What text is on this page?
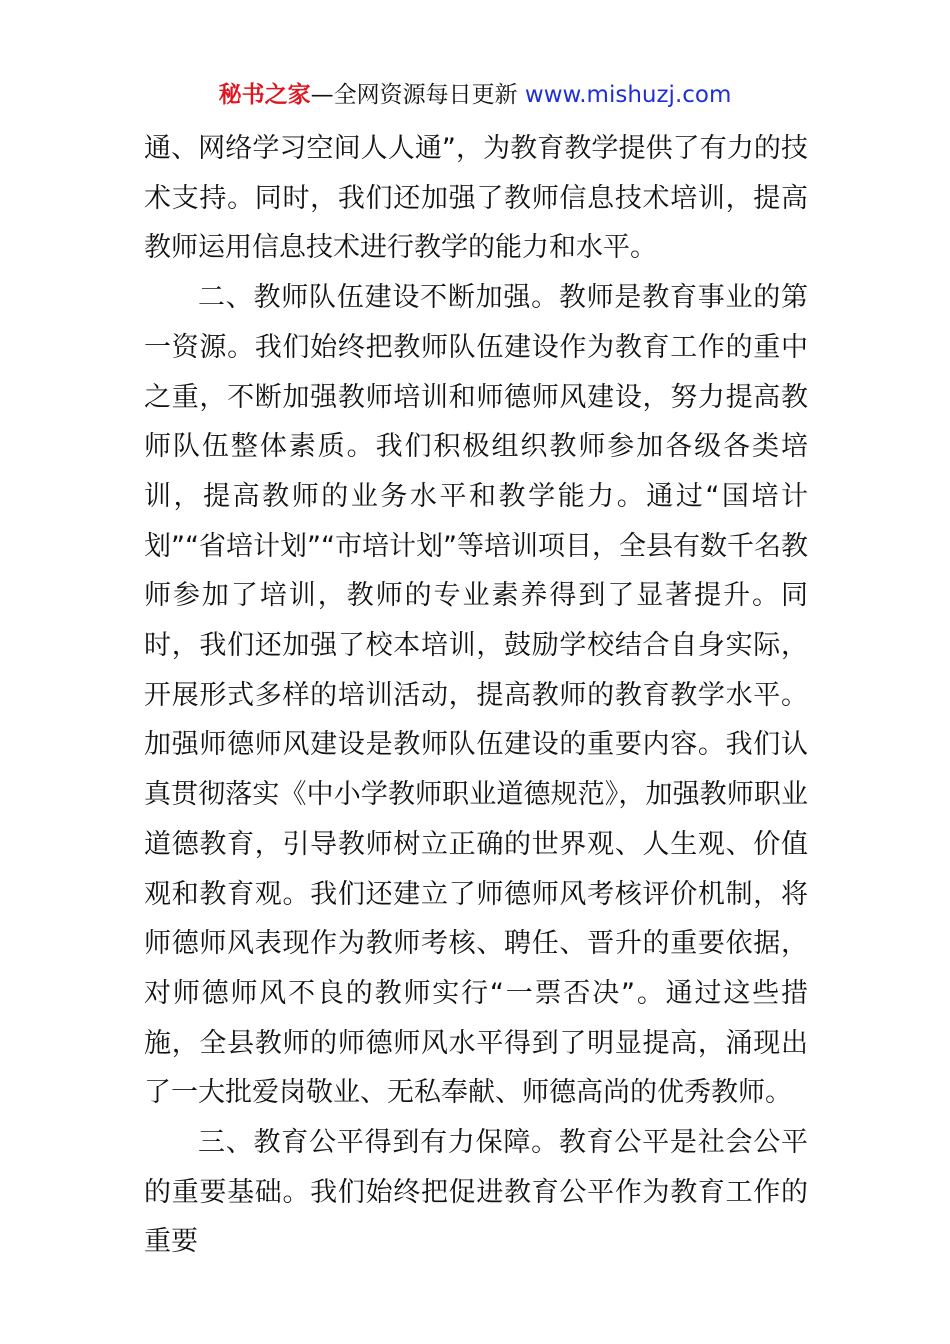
秘书之家—全网资源每日更新 www.mishuzj.com

通、网络学习空间人人通”，为教育教学提供了有力的技术支持。同时，我们还加强了教师信息技术培训，提高教师运用信息技术进行教学的能力和水平。

二、教师队伍建设不断加强。教师是教育事业的第一资源。我们始终把教师队伍建设作为教育工作的重中之重，不断加强教师培训和师德师风建设，努力提高教师队伍整体素质。我们积极组织教师参加各级各类培训，提高教师的业务水平和教学能力。通过“国培计划”“省培计划”“市培计划”等培训项目，全县有数千名教师参加了培训，教师的专业素养得到了显著提升。同时，我们还加强了校本培训，鼓励学校结合自身实际，开展形式多样的培训活动，提高教师的教育教学水平。加强师德师风建设是教师队伍建设的重要内容。我们认真贯彻落实《中小学教师职业道德规范》，加强教师职业道德教育，引导教师树立正确的世界观、人生观、价值观和教育观。我们还建立了师德师风考核评价机制，将师德师风表现作为教师考核、聘任、晋升的重要依据，对师德师风不良的教师实行“一票否决”。通过这些措施，全县教师的师德师风水平得到了明显提高，涌现出了一大批爱岗敬业、无私奉献、师德高尚的优秀教师。

三、教育公平得到有力保障。教育公平是社会公平的重要基础。我们始终把促进教育公平作为教育工作的重要
